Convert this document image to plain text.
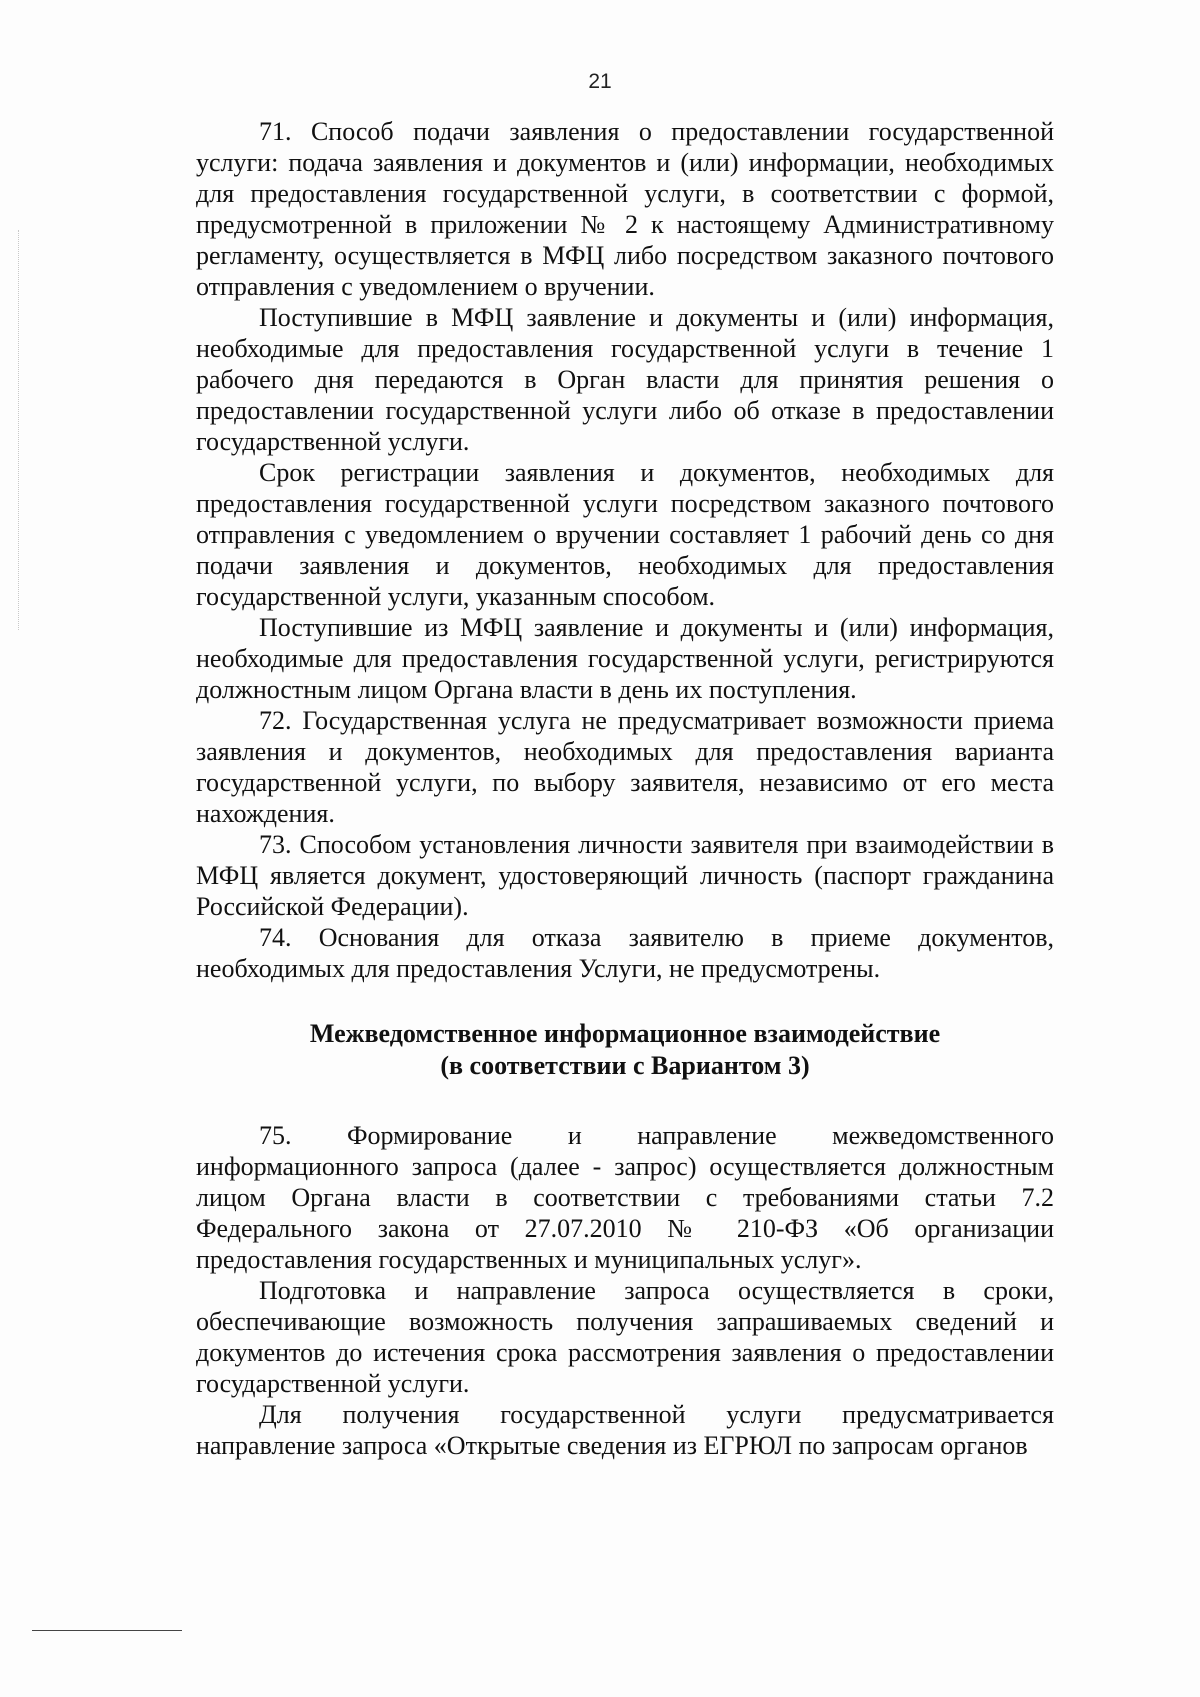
21

71. Способ подачи заявления о предоставлении государственной услуги: подача заявления и документов и (или) информации, необходимых для предоставления государственной услуги, в соответствии с формой, предусмотренной в приложении № 2 к настоящему Административному регламенту, осуществляется в МФЦ либо посредством заказного почтового отправления с уведомлением о вручении.

Поступившие в МФЦ заявление и документы и (или) информация, необходимые для предоставления государственной услуги в течение 1 рабочего дня передаются в Орган власти для принятия решения о предоставлении государственной услуги либо об отказе в предоставлении государственной услуги.

Срок регистрации заявления и документов, необходимых для предоставления государственной услуги посредством заказного почтового отправления с уведомлением о вручении составляет 1 рабочий день со дня подачи заявления и документов, необходимых для предоставления государственной услуги, указанным способом.

Поступившие из МФЦ заявление и документы и (или) информация, необходимые для предоставления государственной услуги, регистрируются должностным лицом Органа власти в день их поступления.

72. Государственная услуга не предусматривает возможности приема заявления и документов, необходимых для предоставления варианта государственной услуги, по выбору заявителя, независимо от его места нахождения.

73. Способом установления личности заявителя при взаимодействии в МФЦ является документ, удостоверяющий личность (паспорт гражданина Российской Федерации).

74. Основания для отказа заявителю в приеме документов, необходимых для предоставления Услуги, не предусмотрены.

Межведомственное информационное взаимодействие
(в соответствии с Вариантом 3)

75. Формирование и направление межведомственного информационного запроса (далее - запрос) осуществляется должностным лицом Органа власти в соответствии с требованиями статьи 7.2 Федерального закона от 27.07.2010 № 210-ФЗ «Об организации предоставления государственных и муниципальных услуг».

Подготовка и направление запроса осуществляется в сроки, обеспечивающие возможность получения запрашиваемых сведений и документов до истечения срока рассмотрения заявления о предоставлении государственной услуги.

Для получения государственной услуги предусматривается направление запроса «Открытые сведения из ЕГРЮЛ по запросам органов
